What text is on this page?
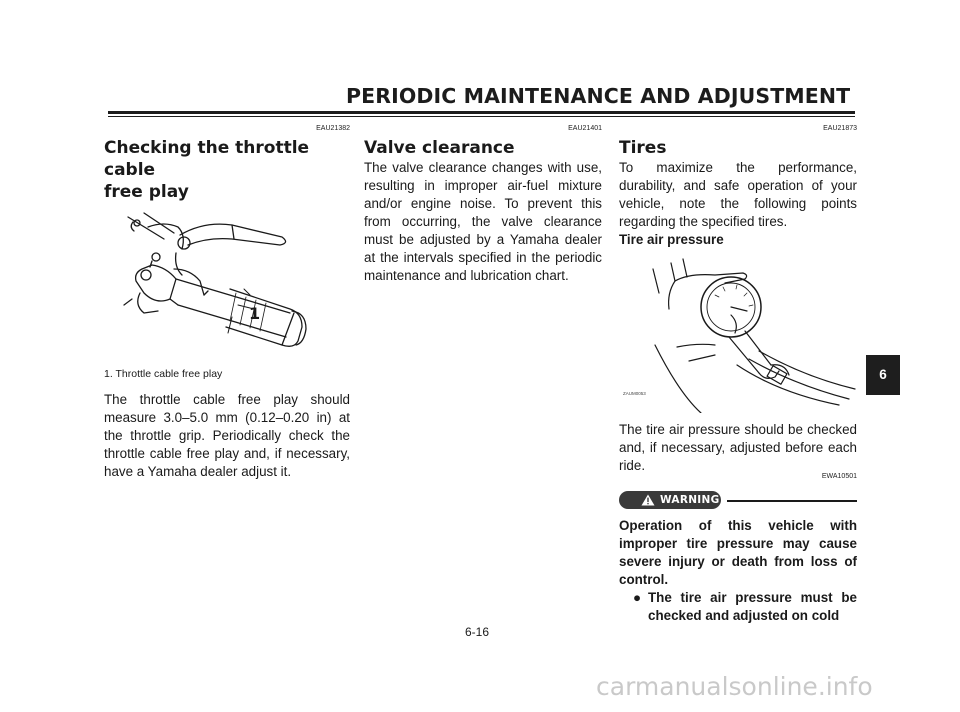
PERIODIC MAINTENANCE AND ADJUSTMENT
EAU21382
Checking the throttle cable
free play
1
1. Throttle cable free play

The throttle cable free play should measure 3.0–5.0 mm (0.12–0.20 in) at the throttle grip. Periodically check the throttle cable free play and, if necessary, have a Yamaha dealer adjust it.

EAU21401
Valve clearance

The valve clearance changes with use, resulting in improper air-fuel mixture and/or engine noise. To prevent this from occurring, the valve clearance must be adjusted by a Yamaha dealer at the intervals specified in the periodic maintenance and lubrication chart.

EAU21873
Tires

To maximize the performance, durability, and safe operation of your vehicle, note the following points regarding the specified tires.

Tire air pressure
ZAUM0053

The tire air pressure should be checked and, if necessary, adjusted before each ride.

EWA10501
WARNING

Operation of this vehicle with improper tire pressure may cause severe injury or death from loss of control.

● The tire air pressure must be checked and adjusted on cold

6-16
6
carmanualsonline.info
